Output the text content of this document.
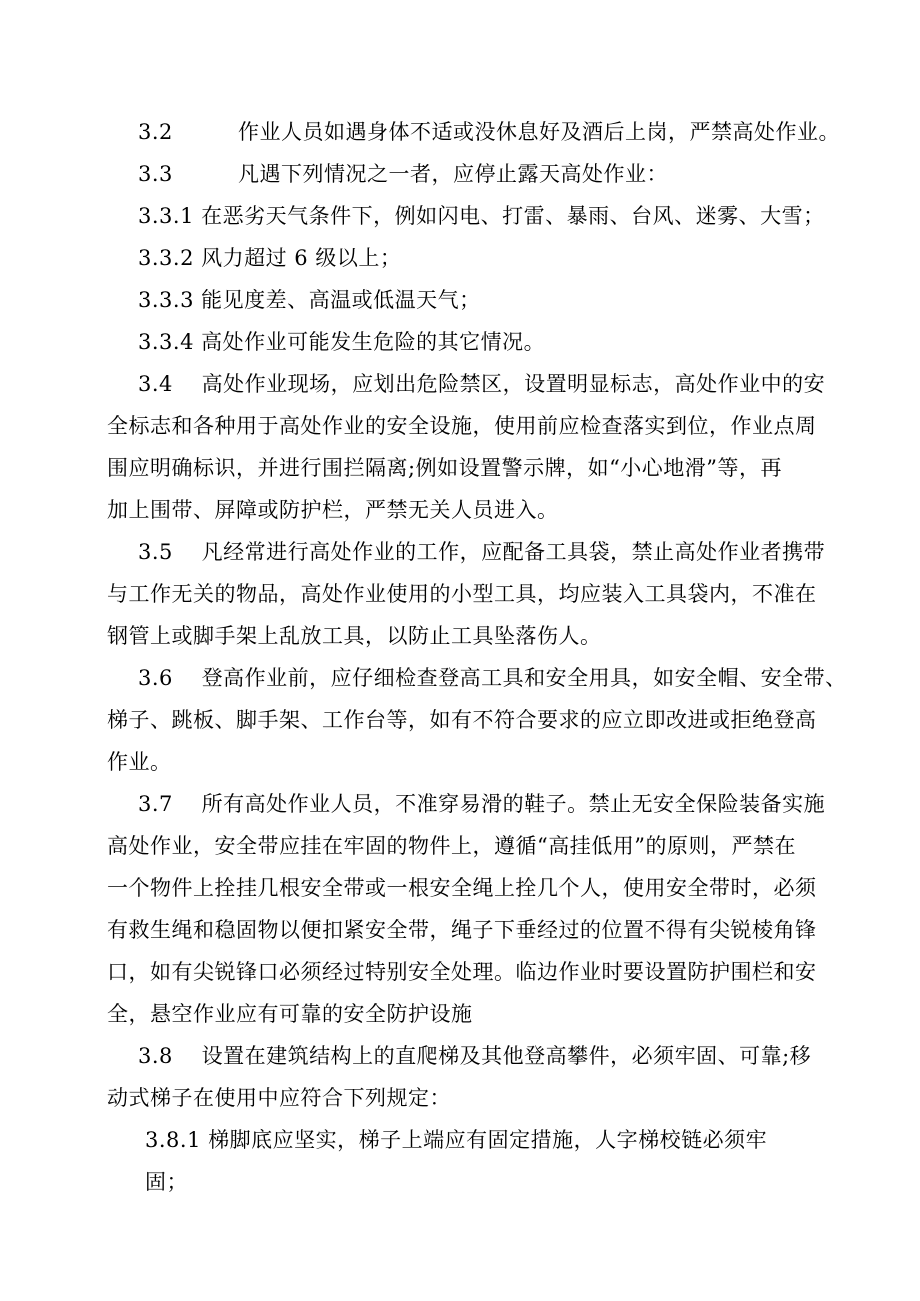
3.2	作业人员如遇身体不适或没休息好及酒后上岗，严禁高处作业。
3.3	凡遇下列情况之一者，应停止露天高处作业：
3.3.1 在恶劣天气条件下，例如闪电、打雷、暴雨、台风、迷雾、大雪；
3.3.2 风力超过 6 级以上；
3.3.3 能见度差、高温或低温天气；
3.3.4 高处作业可能发生危险的其它情况。
3.4　 高处作业现场，应划出危险禁区，设置明显标志，高处作业中的安
全标志和各种用于高处作业的安全设施，使用前应检查落实到位，作业点周
围应明确标识，并进行围拦隔离;例如设置警示牌，如“小心地滑”等，再
加上围带、屏障或防护栏，严禁无关人员进入。
3.5　 凡经常进行高处作业的工作，应配备工具袋，禁止高处作业者携带
与工作无关的物品，高处作业使用的小型工具，均应装入工具袋内，不准在
钢管上或脚手架上乱放工具，以防止工具坠落伤人。
3.6　 登高作业前，应仔细检查登高工具和安全用具，如安全帽、安全带、
梯子、跳板、脚手架、工作台等，如有不符合要求的应立即改进或拒绝登高
作业。
3.7　 所有高处作业人员，不准穿易滑的鞋子。禁止无安全保险装备实施
高处作业，安全带应挂在牢固的物件上，遵循“高挂低用”的原则，严禁在
一个物件上拴挂几根安全带或一根安全绳上拴几个人，使用安全带时，必须
有救生绳和稳固物以便扣紧安全带，绳子下垂经过的位置不得有尖锐棱角锋
口，如有尖锐锋口必须经过特别安全处理。临边作业时要设置防护围栏和安
全，悬空作业应有可靠的安全防护设施
3.8　 设置在建筑结构上的直爬梯及其他登高攀件，必须牢固、可靠;移
动式梯子在使用中应符合下列规定：
3.8.1 梯脚底应坚实，梯子上端应有固定措施，人字梯校链必须牢
固；
